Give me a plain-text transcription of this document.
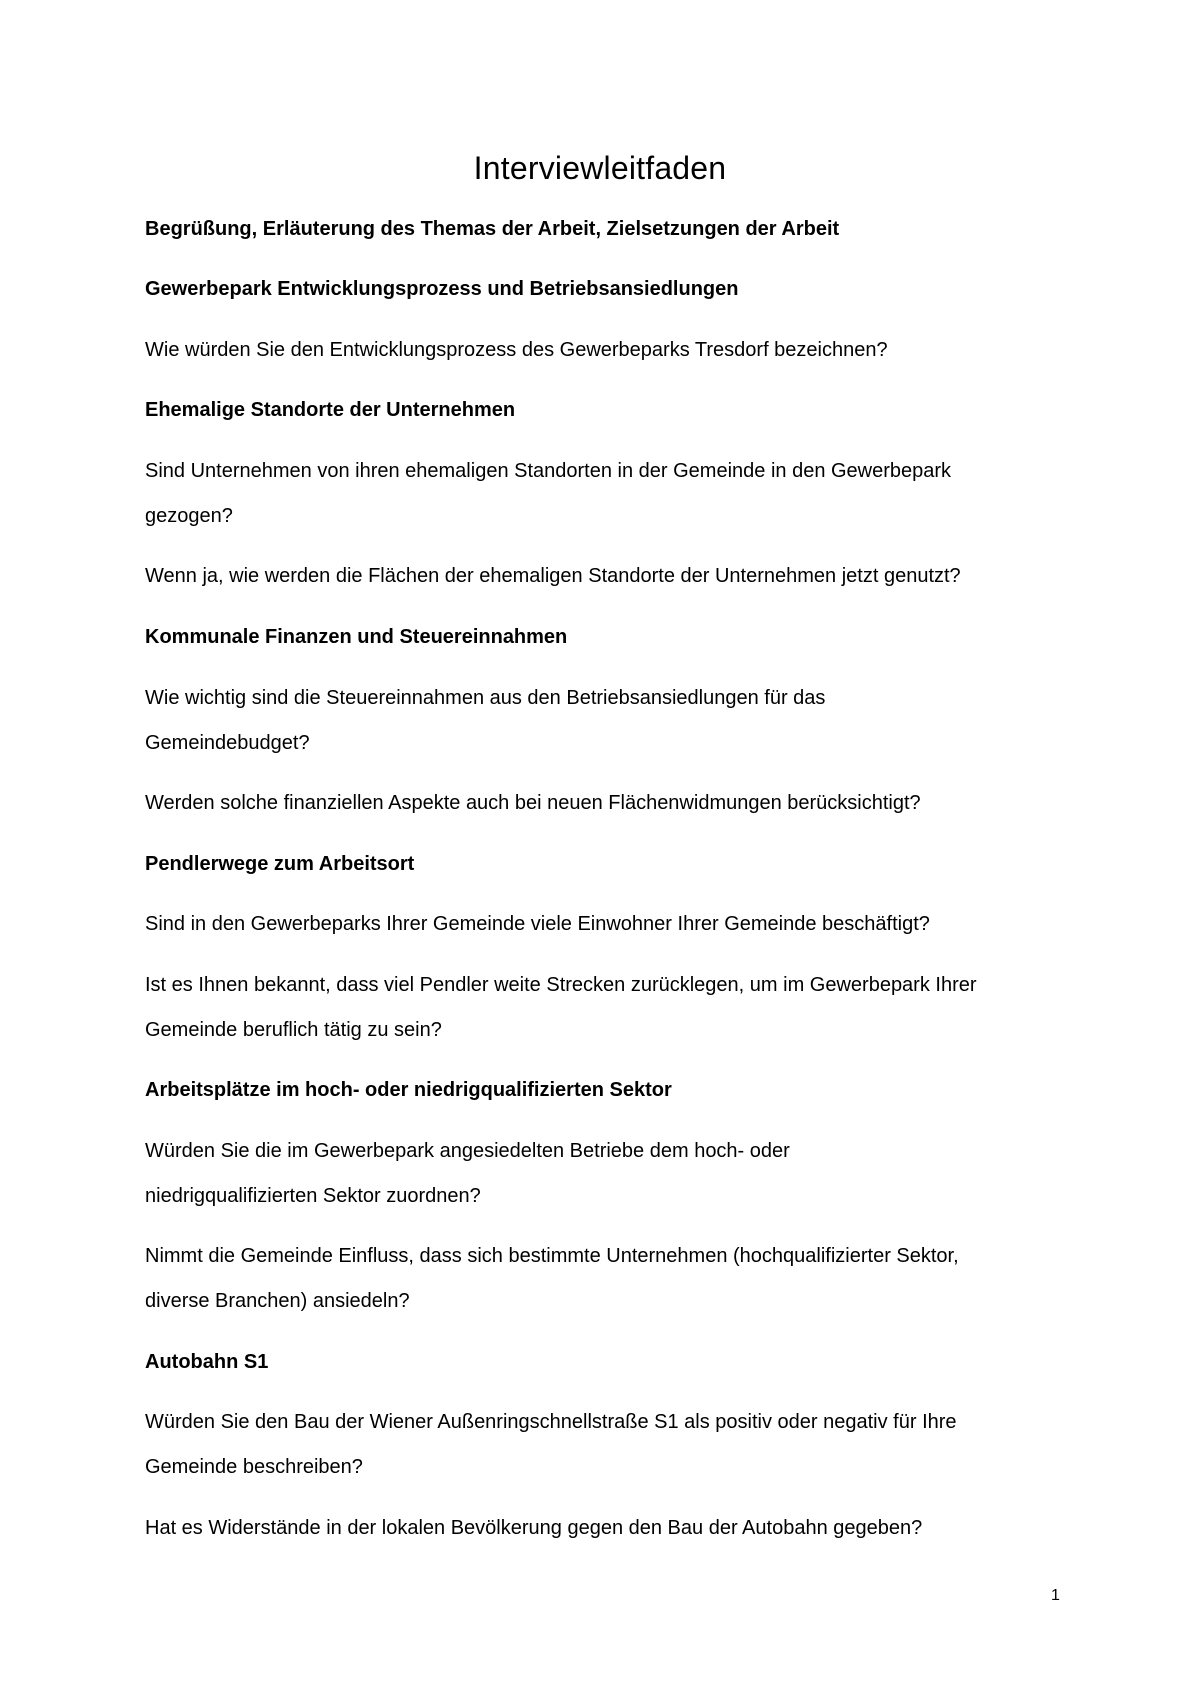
Interviewleitfaden
Begrüßung, Erläuterung des Themas der Arbeit, Zielsetzungen der Arbeit
Gewerbepark Entwicklungsprozess und Betriebsansiedlungen
Wie würden Sie den Entwicklungsprozess des Gewerbeparks Tresdorf bezeichnen?
Ehemalige Standorte der Unternehmen
Sind Unternehmen von ihren ehemaligen Standorten in der Gemeinde in den Gewerbepark
gezogen?
Wenn ja, wie werden die Flächen der ehemaligen Standorte der Unternehmen jetzt genutzt?
Kommunale Finanzen und Steuereinnahmen
Wie wichtig sind die Steuereinnahmen aus den Betriebsansiedlungen für das
Gemeindebudget?
Werden solche finanziellen Aspekte auch bei neuen Flächenwidmungen berücksichtigt?
Pendlerwege zum Arbeitsort
Sind in den Gewerbeparks Ihrer Gemeinde viele Einwohner Ihrer Gemeinde beschäftigt?
Ist es Ihnen bekannt, dass viel Pendler weite Strecken zurücklegen, um im Gewerbepark Ihrer
Gemeinde beruflich tätig zu sein?
Arbeitsplätze im hoch- oder niedrigqualifizierten Sektor
Würden Sie die im Gewerbepark angesiedelten Betriebe dem hoch- oder
niedrigqualifizierten Sektor zuordnen?
Nimmt die Gemeinde Einfluss, dass sich bestimmte Unternehmen (hochqualifizierter Sektor,
diverse Branchen) ansiedeln?
Autobahn S1
Würden Sie den Bau der Wiener Außenringschnellstraße S1 als positiv oder negativ für Ihre
Gemeinde beschreiben?
Hat es Widerstände in der lokalen Bevölkerung gegen den Bau der Autobahn gegeben?
1
